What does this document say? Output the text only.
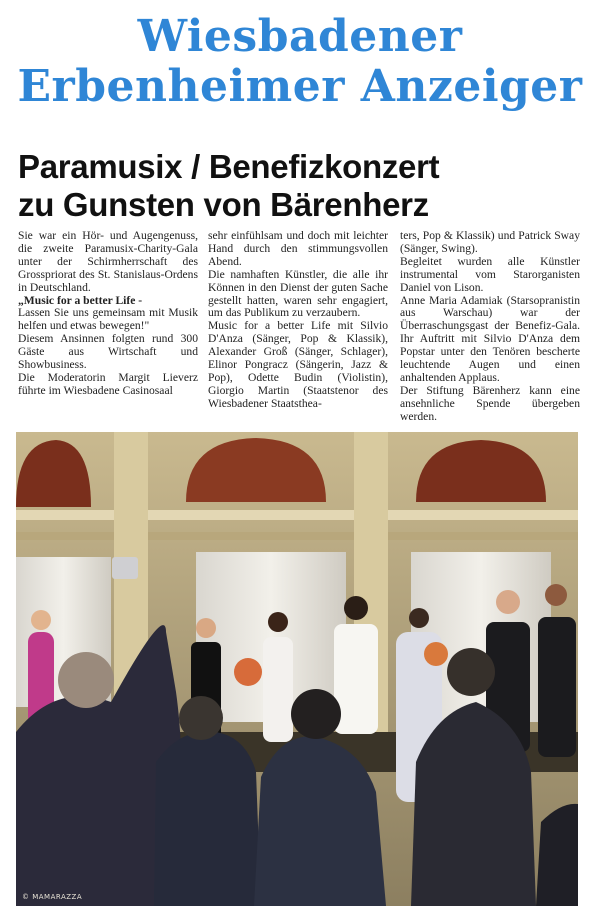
Wiesbadener
Erbenheimer Anzeiger
Paramusix / Benefizkonzert
zu Gunsten von Bärenherz

Sie war ein Hör- und Augengenuss, die zweite Paramusix-Charity-Gala unter der Schirmherrschaft des Grosspriorat des St. Stanislaus-Ordens in Deutschland.

„Music for a better Life -
Lassen Sie uns gemeinsam mit Musik helfen und etwas bewegen!"

Diesem Ansinnen folgten rund 300 Gäste aus Wirtschaft und Showbusiness.

Die Moderatorin Margit Lieverz führte im Wiesbadene Casinosaal

sehr einfühlsam und doch mit leichter Hand durch den stimmungsvollen Abend.

Die namhaften Künstler, die alle ihr Können in den Dienst der guten Sache gestellt hatten, waren sehr engagiert, um das Publikum zu verzaubern.

Music for a better Life mit Silvio D'Anza (Sänger, Pop & Klassik), Alexander Groß (Sänger, Schlager), Elinor Pongracz (Sängerin, Jazz & Pop), Odette Budin (Violistin), Giorgio Martin (Staatstenor des Wiesbadener Staatsthea-

ters, Pop & Klassik) und Patrick Sway (Sänger, Swing).

Begleitet wurden alle Künstler instrumental vom Starorganisten Daniel von Lison.

Anne Maria Adamiak (Starsopranistin aus Warschau) war der Überraschungsgast der Benefiz-Gala. Ihr Auftritt mit Silvio D'Anza dem Popstar unter den Tenören bescherte leuchtende Augen und einen anhaltenden Applaus.

Der Stiftung Bärenherz kann eine ansehnliche Spende übergeben werden.

© MAMARAZZA
